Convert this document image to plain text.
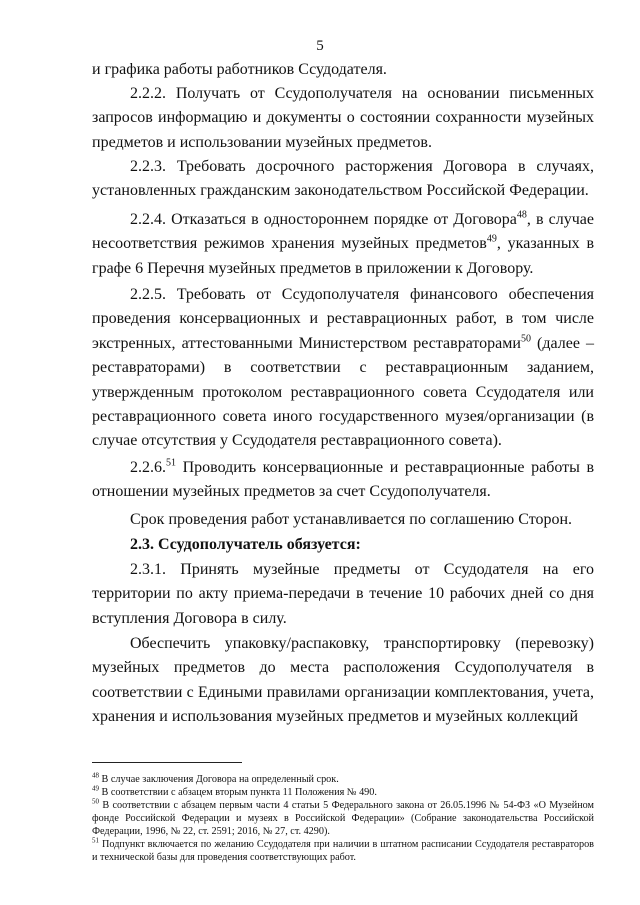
5

и графика работы работников Ссудодателя.

2.2.2. Получать от Ссудополучателя на основании письменных запросов информацию и документы о состоянии сохранности музейных предметов и использовании музейных предметов.

2.2.3. Требовать досрочного расторжения Договора в случаях, установленных гражданским законодательством Российской Федерации.

2.2.4. Отказаться в одностороннем порядке от Договора$^{48}$, в случае несоответствия режимов хранения музейных предметов$^{49}$, указанных в графе 6 Перечня музейных предметов в приложении к Договору.

2.2.5. Требовать от Ссудополучателя финансового обеспечения проведения консервационных и реставрационных работ, в том числе экстренных, аттестованными Министерством реставраторами$^{50}$ (далее – реставраторами) в соответствии с реставрационным заданием, утвержденным протоколом реставрационного совета Ссудодателя или реставрационного совета иного государственного музея/организации (в случае отсутствия у Ссудодателя реставрационного совета).

2.2.6.51 Проводить консервационные и реставрационные работы в отношении музейных предметов за счет Ссудополучателя.

Срок проведения работ устанавливается по соглашению Сторон.

2.3. Ссудополучатель обязуется:

2.3.1. Принять музейные предметы от Ссудодателя на его территории по акту приема-передачи в течение 10 рабочих дней со дня вступления Договора в силу.

Обеспечить упаковку/распаковку, транспортировку (перевозку) музейных предметов до места расположения Ссудополучателя в соответствии с Едиными правилами организации комплектования, учета, хранения и использования музейных предметов и музейных коллекций

$^{48}$ В случае заключения Договора на определенный срок.

$^{49}$ В соответствии с абзацем вторым пункта 11 Положения № 490.

$^{50}$ В соответствии с абзацем первым части 4 статьи 5 Федерального закона от 26.05.1996 № 54-ФЗ «О Музейном фонде Российской Федерации и музеях в Российской Федерации» (Собрание законодательства Российской Федерации, 1996, № 22, ст. 2591; 2016, № 27, ст. 4290).

$^{51}$ Подпункт включается по желанию Ссудодателя при наличии в штатном расписании Ссудодателя реставраторов и технической базы для проведения соответствующих работ.
